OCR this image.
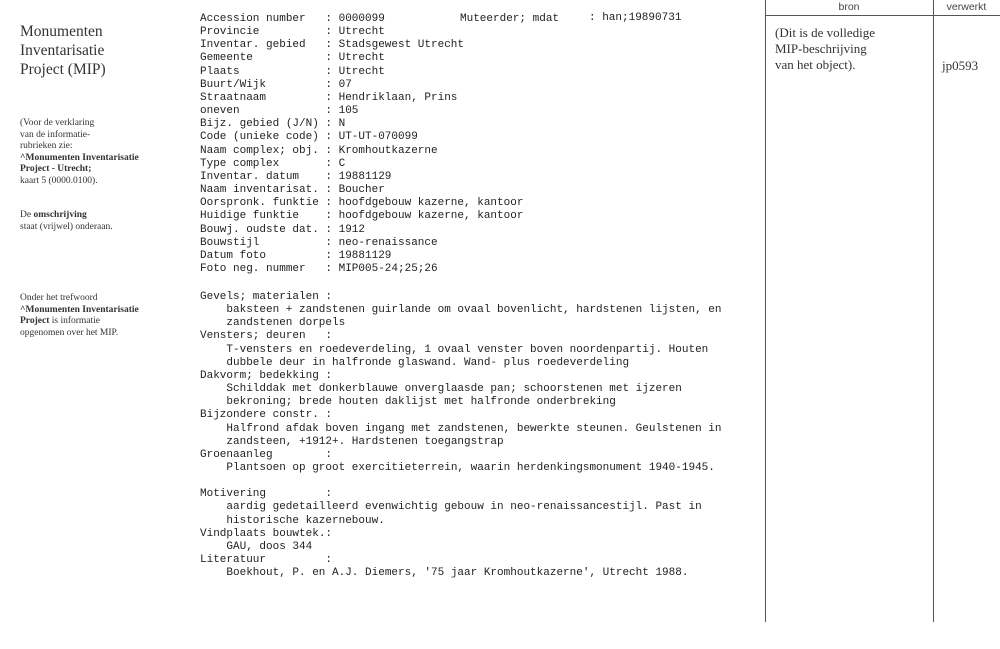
Monumenten
Inventarisatie
Project (MIP)
(Voor de verklaring
van de informatie-
rubrieken zie:
^Monumenten Inventarisatie
Project - Utrecht;
kaart 5 (0000.0100).
De omschrijving
staat (vrijwel) onderaan.
Onder het trefwoord
^Monumenten Inventarisatie
Project is informatie
opgenomen over het MIP.
Accession number	: 0000099
Provincie	: Utrecht
Inventar. gebied	: Stadsgewest Utrecht
Gemeente	: Utrecht
Plaats	: Utrecht
Buurt/Wijk	: 07
Straatnaam	: Hendriklaan, Prins
oneven	: 105
Bijz. gebied (J/N) : N
Code (unieke code) : UT-UT-070099
Naam complex; obj. : Kromhoutkazerne
Type complex	: C
Inventar. datum	: 19881129
Naam inventarisat. : Boucher
Oorspronk. funktie : hoofdgebouw kazerne, kantoor
Huidige funktie	: hoofdgebouw kazerne, kantoor
Bouwj. oudste dat. : 1912
Bouwstijl	: neo-renaissance
Datum foto	: 19881129
Foto neg. nummer	: MIP005-24;25;26
Muteerder; mdat	: han;19890731
Gevels; materialen :
baksteen + zandstenen guirlande om ovaal bovenlicht, hardstenen lijsten, en
zandstenen dorpels
Vensters; deuren   :
T-vensters en roedeverdeling, 1 ovaal venster boven noordenpartij. Houten
dubbele deur in halfronde glaswand. Wand- plus roedeverdeling
Dakvorm; bedekking :
Schilddak met donkerblauwe onverglaasde pan; schoorstenen met ijzeren
bekroning; brede houten daklijst met halfronde onderbreking
Bijzondere constr. :
Halfrond afdak boven ingang met zandstenen, bewerkte steunen. Geulstenen in
zandsteen, +1912+. Hardstenen toegangstrap
Groenaanleg        :
Plantsoen op groot exercitieterrein, waarin herdenkingsmonument 1940-1945.
Motivering         :
aardig gedetailleerd evenwichtig gebouw in neo-renaissancestijl. Past in
historische kazernebouw.
Vindplaats bouwtek.:
GAU, doos 344
Literatuur         :
Boekhout, P. en A.J. Diemers, '75 jaar Kromhoutkazerne', Utrecht 1988.
bron	verwerkt
(Dit is de volledige
MIP-beschrijving
van het object).	jp0593
